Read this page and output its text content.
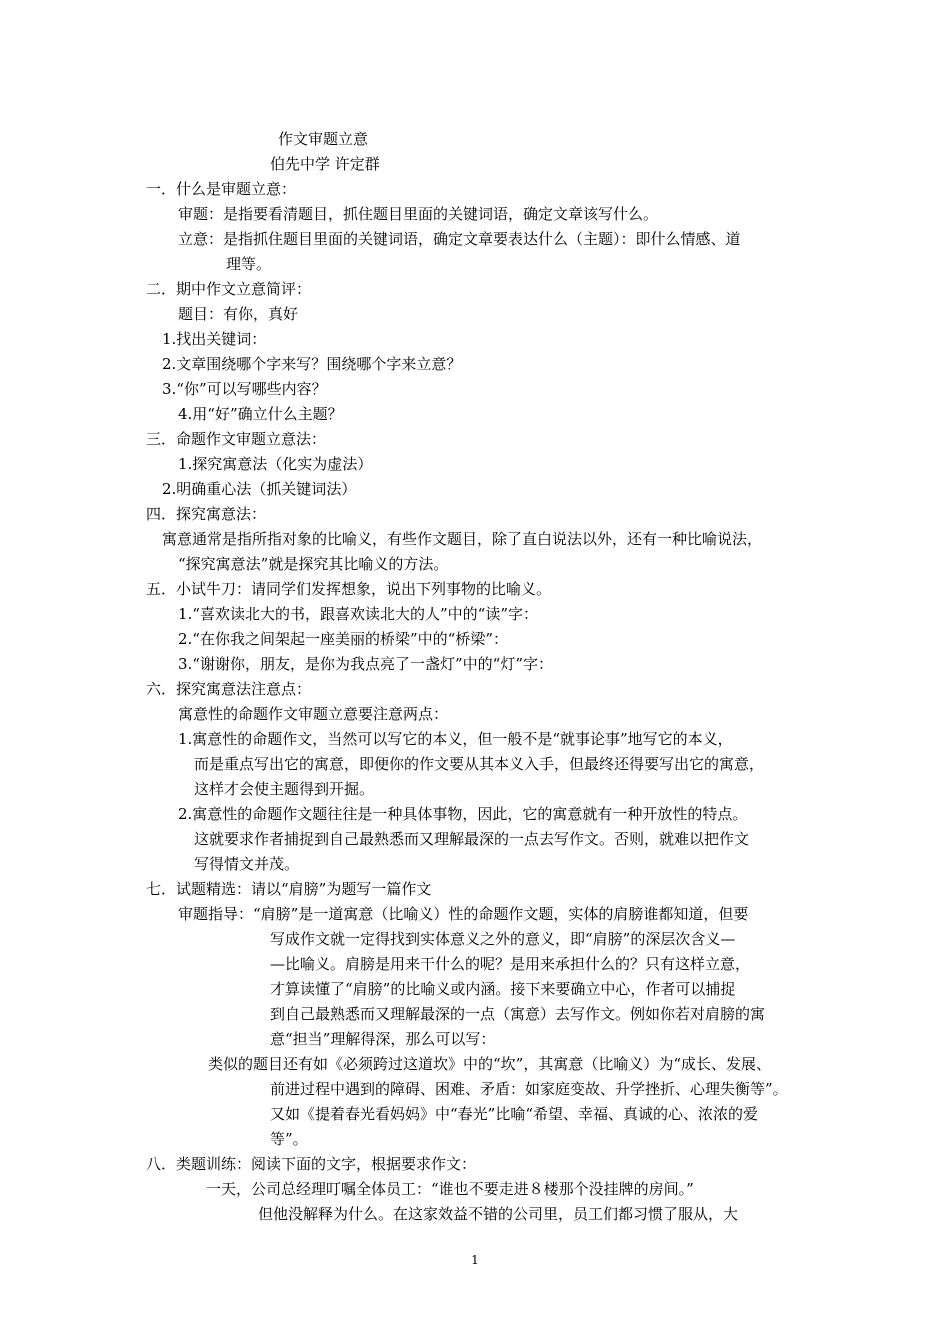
作文审题立意
伯先中学 许定群
一．什么是审题立意：
审题：是指要看清题目，抓住题目里面的关键词语，确定文章该写什么。
立意：是指抓住题目里面的关键词语，确定文章要表达什么（主题）：即什么情感、道
理等。
二．期中作文立意简评：
题目：有你，真好
1.找出关键词：
2.文章围绕哪个字来写？围绕哪个字来立意？
3.“你”可以写哪些内容？
4.用“好”确立什么主题？
三．命题作文审题立意法：
1.探究寓意法（化实为虚法）
2.明确重心法（抓关键词法）
四．探究寓意法：
寓意通常是指所指对象的比喻义，有些作文题目，除了直白说法以外，还有一种比喻说法，
“探究寓意法”就是探究其比喻义的方法。
五．小试牛刀：请同学们发挥想象，说出下列事物的比喻义。
1.“喜欢读北大的书，跟喜欢读北大的人”中的“读”字：
2.“在你我之间架起一座美丽的桥梁”中的“桥梁”：
3.“谢谢你，朋友，是你为我点亮了一盏灯”中的“灯”字：
六．探究寓意法注意点：
寓意性的命题作文审题立意要注意两点：
1.寓意性的命题作文，当然可以写它的本义，但一般不是“就事论事”地写它的本义，
而是重点写出它的寓意，即便你的作文要从其本义入手，但最终还得要写出它的寓意，
这样才会使主题得到开掘。
2.寓意性的命题作文题往往是一种具体事物，因此，它的寓意就有一种开放性的特点。
这就要求作者捕捉到自己最熟悉而又理解最深的一点去写作文。否则，就难以把作文
写得情文并茂。
七．试题精选：请以“肩膀”为题写一篇作文
审题指导：“肩膀”是一道寓意（比喻义）性的命题作文题，实体的肩膀谁都知道，但要
写成作文就一定得找到实体意义之外的意义，即“肩膀”的深层次含义—
—比喻义。肩膀是用来干什么的呢？是用来承担什么的？只有这样立意，
才算读懂了“肩膀”的比喻义或内涵。接下来要确立中心，作者可以捕捉
到自己最熟悉而又理解最深的一点（寓意）去写作文。例如你若对肩膀的寓
意“担当”理解得深，那么可以写：
类似的题目还有如《必须跨过这道坎》中的“坎”，其寓意（比喻义）为“成长、发展、
前进过程中遇到的障碍、困难、矛盾：如家庭变故、升学挫折、心理失衡等”。
又如《提着春光看妈妈》中“春光”比喻“希望、幸福、真诚的心、浓浓的爱
等”。
八．类题训练：阅读下面的文字，根据要求作文：
一天，公司总经理叮嘱全体员工：“谁也不要走进８楼那个没挂牌的房间。”
但他没解释为什么。在这家效益不错的公司里，员工们都习惯了服从，大
1
